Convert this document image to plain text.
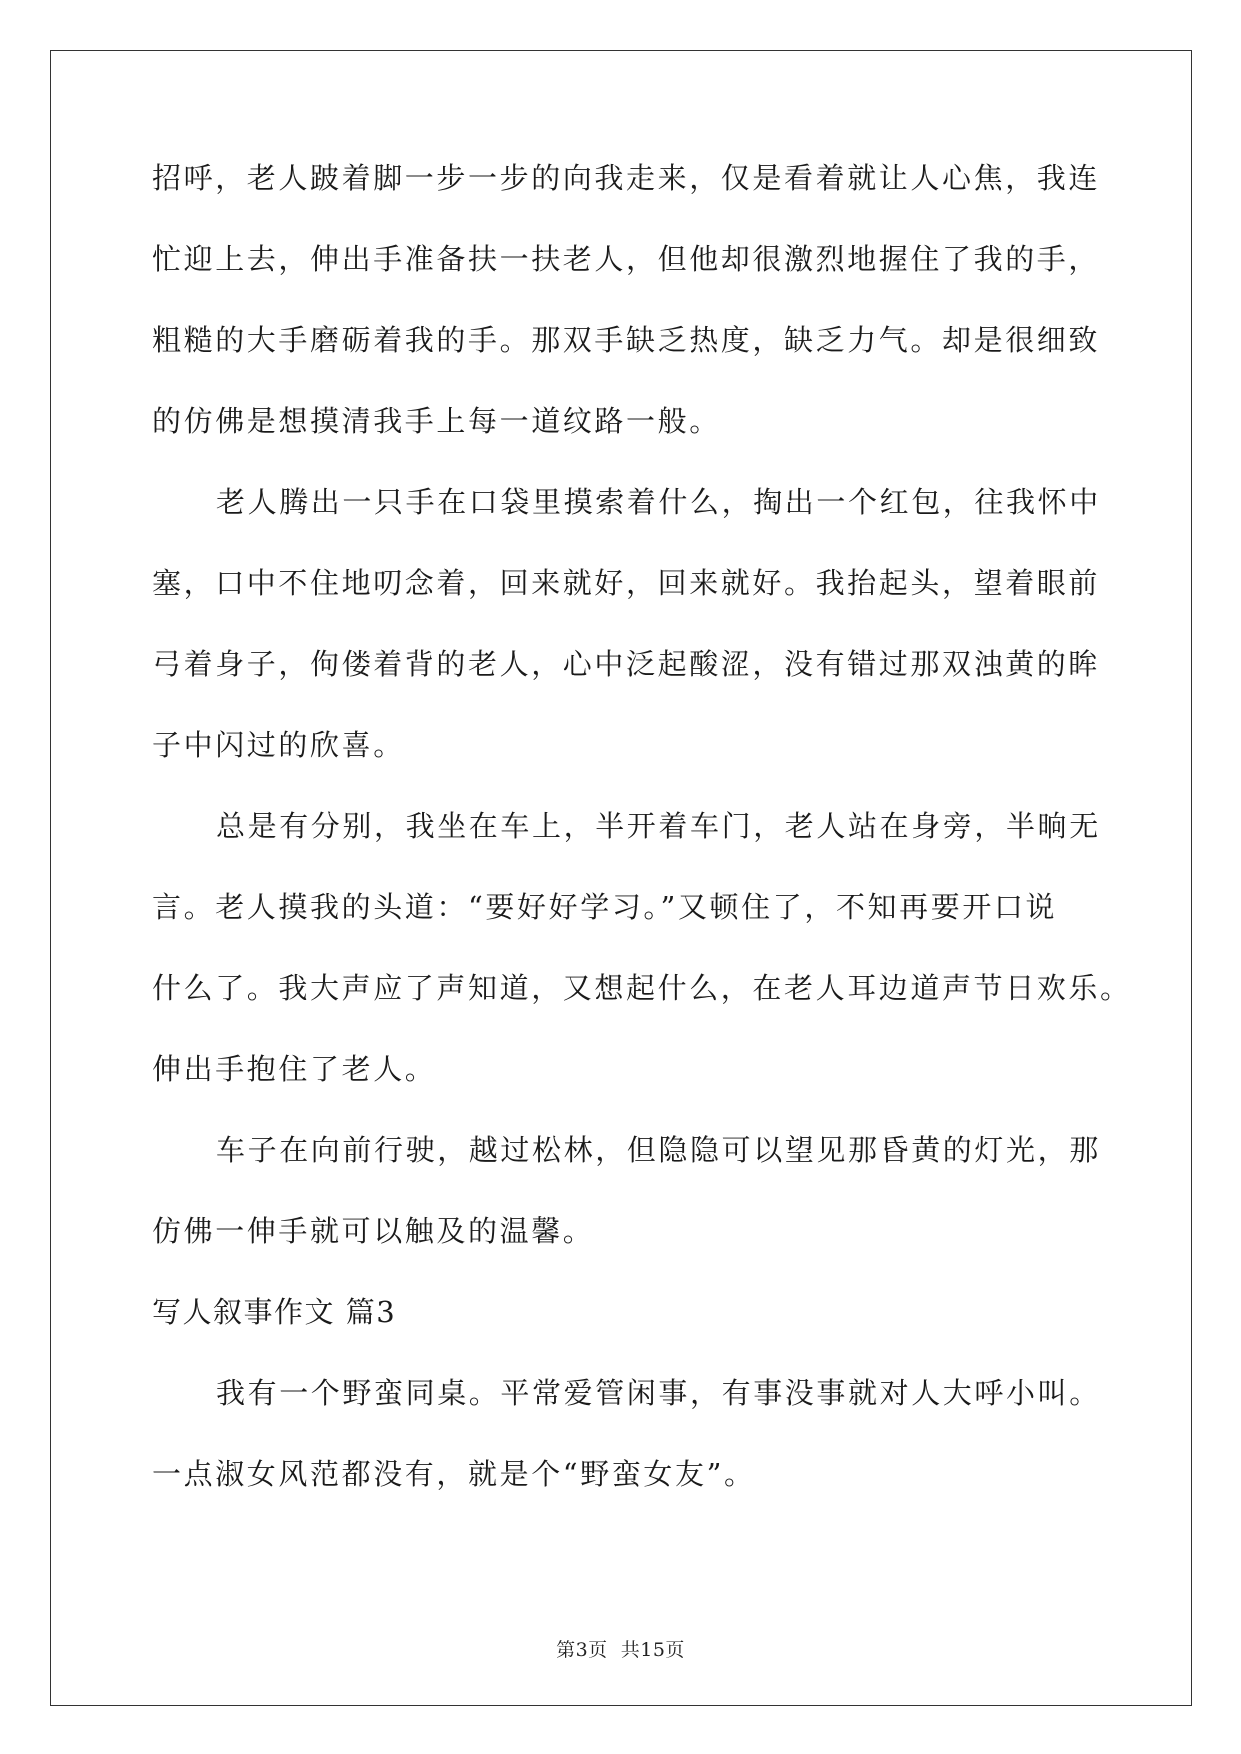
招呼，老人跛着脚一步一步的向我走来，仅是看着就让人心焦，我连
忙迎上去，伸出手准备扶一扶老人，但他却很激烈地握住了我的手，
粗糙的大手磨砺着我的手。那双手缺乏热度，缺乏力气。却是很细致
的仿佛是想摸清我手上每一道纹路一般。
老人腾出一只手在口袋里摸索着什么，掏出一个红包，往我怀中
塞，口中不住地叨念着，回来就好，回来就好。我抬起头，望着眼前
弓着身子，佝偻着背的老人，心中泛起酸涩，没有错过那双浊黄的眸
子中闪过的欣喜。
总是有分别，我坐在车上，半开着车门，老人站在身旁，半晌无
言。老人摸我的头道：“要好好学习。”又顿住了，不知再要开口说
什么了。我大声应了声知道，又想起什么，在老人耳边道声节日欢乐。
伸出手抱住了老人。
车子在向前行驶，越过松林，但隐隐可以望见那昏黄的灯光，那
仿佛一伸手就可以触及的温馨。
写人叙事作文 篇3
我有一个野蛮同桌。平常爱管闲事，有事没事就对人大呼小叫。
一点淑女风范都没有，就是个“野蛮女友”。
第3页  共15页
